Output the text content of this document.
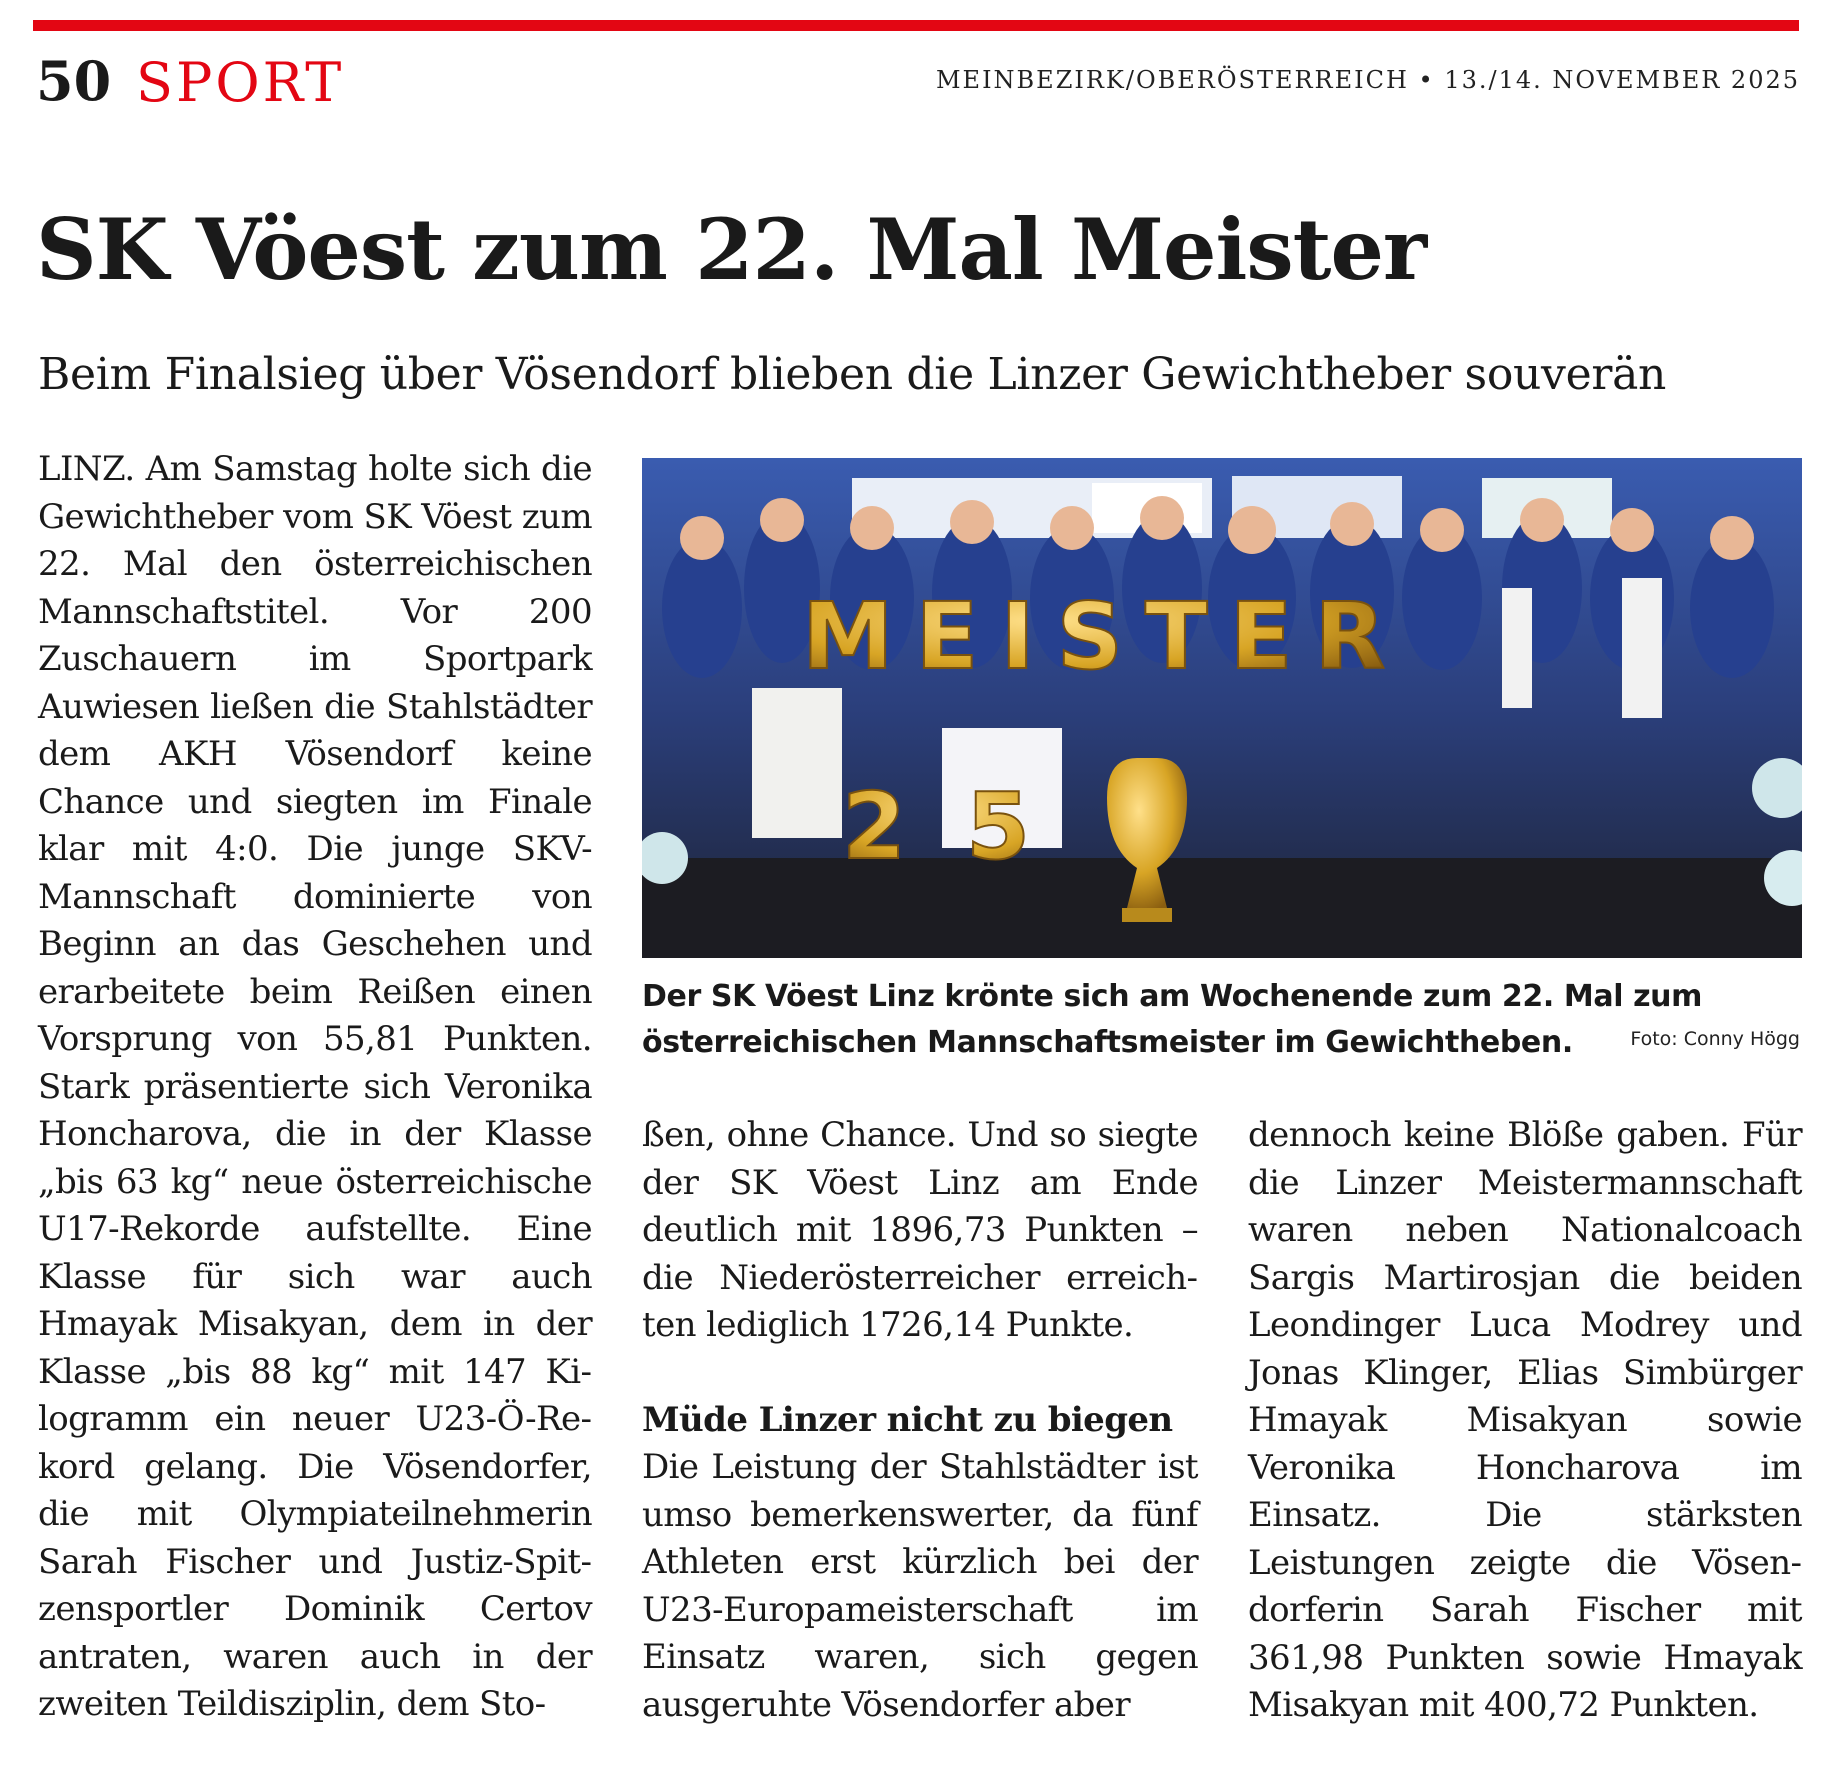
50 SPORT	MEINBEZIRK/OBERÖSTERREICH • 13./14. NOVEMBER 2025
SK Vöest zum 22. Mal Meister
Beim Finalsieg über Vösendorf blieben die Linzer Gewichtheber souverän

LINZ. Am Samstag holte sich die Gewichtheber vom SK Vöest zum 22. Mal den österreichischen Mannschaftstitel. Vor 200 Zuschauern im Sportpark Auwiesen ließen die Stahlstädter dem AKH Vösendorf keine Chance und siegten im Finale klar mit 4:0. Die junge SKV-Mannschaft dominierte von Beginn an das Geschehen und erarbeitete beim Reißen einen Vorsprung von 55,81 Punkten. Stark präsentierte sich Veronika Honcharova, die in der Klasse „bis 63 kg“ neue österreichische U17-Rekorde aufstellte. Eine Klasse für sich war auch Hmayak Misakyan, dem in der Klasse „bis 88 kg“ mit 147 Kilogramm ein neuer U23-Ö-Rekord gelang. Die Vösendorfer, die mit Olympiateilnehmerin Sarah Fischer und Justiz-Spitzensportler Dominik Certov antraten, waren auch in der zweiten Teildisziplin, dem Sto-

MEISTER
25
Der SK Vöest Linz krönte sich am Wochenende zum 22. Mal zum österreichischen Mannschaftsmeister im Gewichtheben.	Foto: Conny Högg

ßen, ohne Chance. Und so siegte der SK Vöest Linz am Ende deutlich mit 1896,73 Punkten – die Niederösterreicher erreichten lediglich 1726,14 Punkte.

Müde Linzer nicht zu biegen

Die Leistung der Stahlstädter ist umso bemerkenswerter, da fünf Athleten erst kürzlich bei der U23-Europameisterschaft im Einsatz waren, sich gegen ausgeruhte Vösendorfer aber

dennoch keine Blöße gaben. Für die Linzer Meistermannschaft waren neben Nationalcoach Sargis Martirosjan die beiden Leondinger Luca Modrey und Jonas Klinger, Elias Simbürger Hmayak Misakyan sowie Veronika Honcharova im Einsatz. Die stärksten Leistungen zeigte die Vösendorferin Sarah Fischer mit 361,98 Punkten sowie Hmayak Misakyan mit 400,72 Punkten.
